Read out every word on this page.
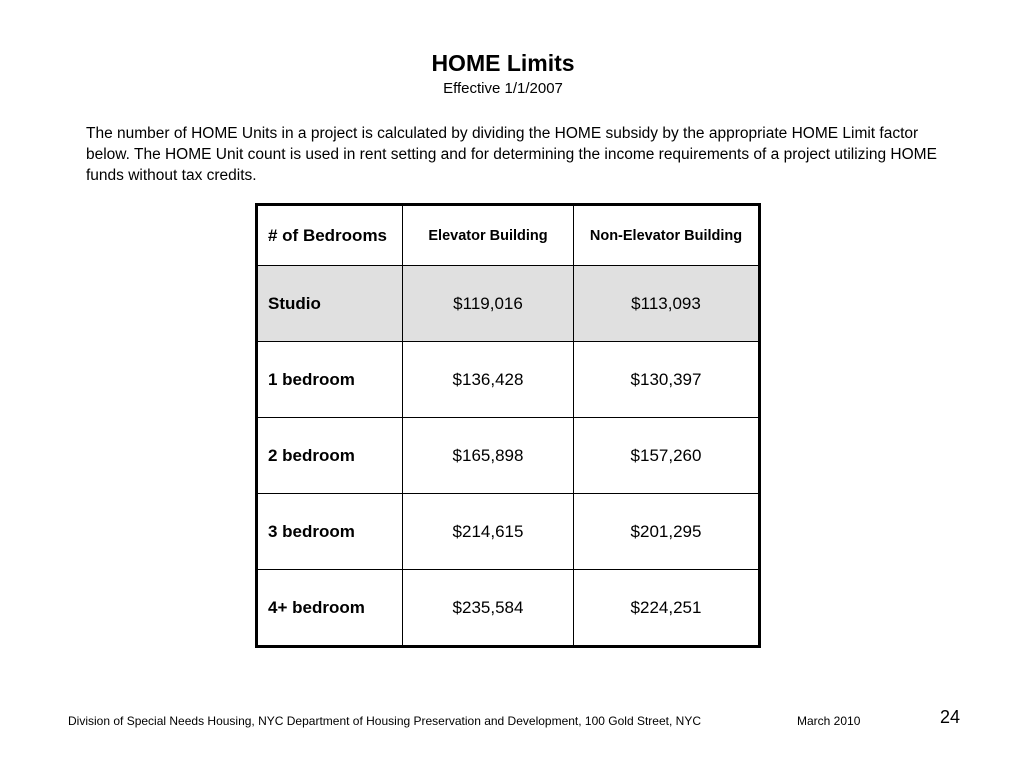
HOME Limits
Effective 1/1/2007
The number of HOME Units in a project is calculated by dividing the HOME subsidy by the appropriate HOME Limit factor below. The HOME Unit count is used in rent setting and for determining the income requirements of a project utilizing HOME funds without tax credits.
# of Bedrooms	Elevator Building	Non-Elevator Building
Studio	$119,016	$113,093
1 bedroom	$136,428	$130,397
2 bedroom	$165,898	$157,260
3 bedroom	$214,615	$201,295
4+ bedroom	$235,584	$224,251
Division of Special Needs Housing, NYC Department of Housing Preservation and Development, 100 Gold Street, NYC	March 2010	24
